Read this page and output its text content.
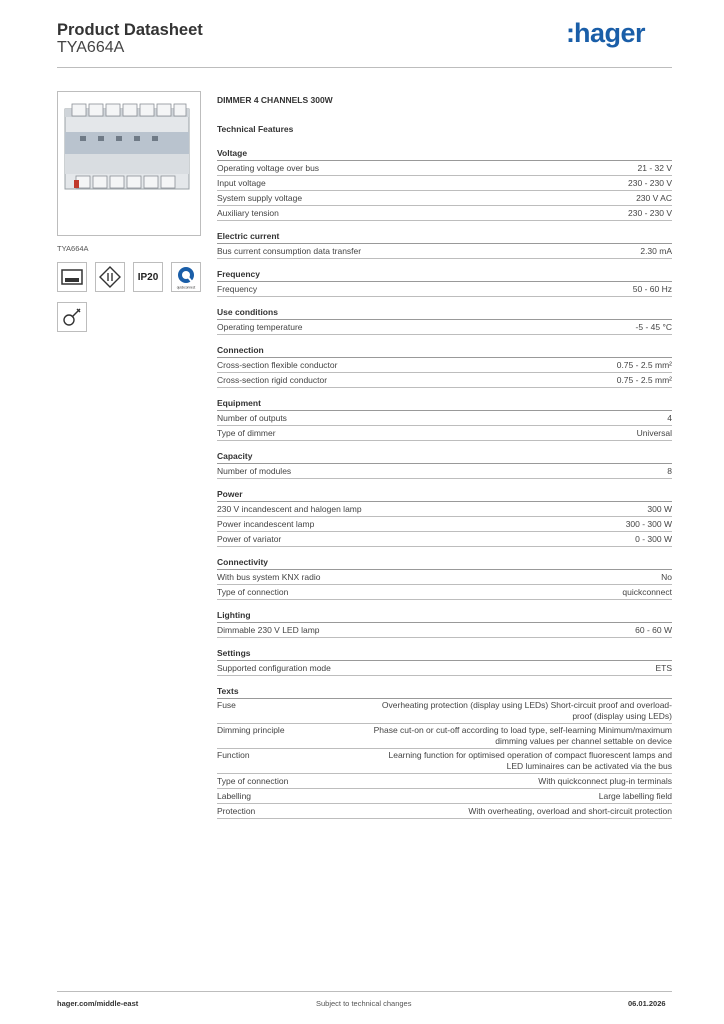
Product Datasheet
TYA664A	:hager
TYA664A
IP20
quickconnect
DIMMER 4 CHANNELS 300W
Technical Features
Voltage
Operating voltage over bus	21 - 32 V
Input voltage	230 - 230 V
System supply voltage	230 V AC
Auxiliary tension	230 - 230 V
Electric current
Bus current consumption data transfer	2.30 mA
Frequency
Frequency	50 - 60 Hz
Use conditions
Operating temperature	-5 - 45 °C
Connection
Cross-section flexible conductor	0.75 - 2.5 mm²
Cross-section rigid conductor	0.75 - 2.5 mm²
Equipment
Number of outputs	4
Type of dimmer	Universal
Capacity
Number of modules	8
Power
230 V incandescent and halogen lamp	300 W
Power incandescent lamp	300 - 300 W
Power of variator	0 - 300 W
Connectivity
With bus system KNX radio	No
Type of connection	quickconnect
Lighting
Dimmable 230 V LED lamp	60 - 60 W
Settings
Supported configuration mode	ETS
Texts
Fuse	Overheating protection (display using LEDs) Short-circuit proof and overload-proof (display using LEDs)
Dimming principle	Phase cut-on or cut-off according to load type, self-learning Minimum/maximum dimming values per channel settable on device
Function	Learning function for optimised operation of compact fluorescent lamps and LED luminaires can be activated via the bus
Type of connection	With quickconnect plug-in terminals
Labelling	Large labelling field
Protection	With overheating, overload and short-circuit protection
hager.com/middle-east	Subject to technical changes	06.01.2026
